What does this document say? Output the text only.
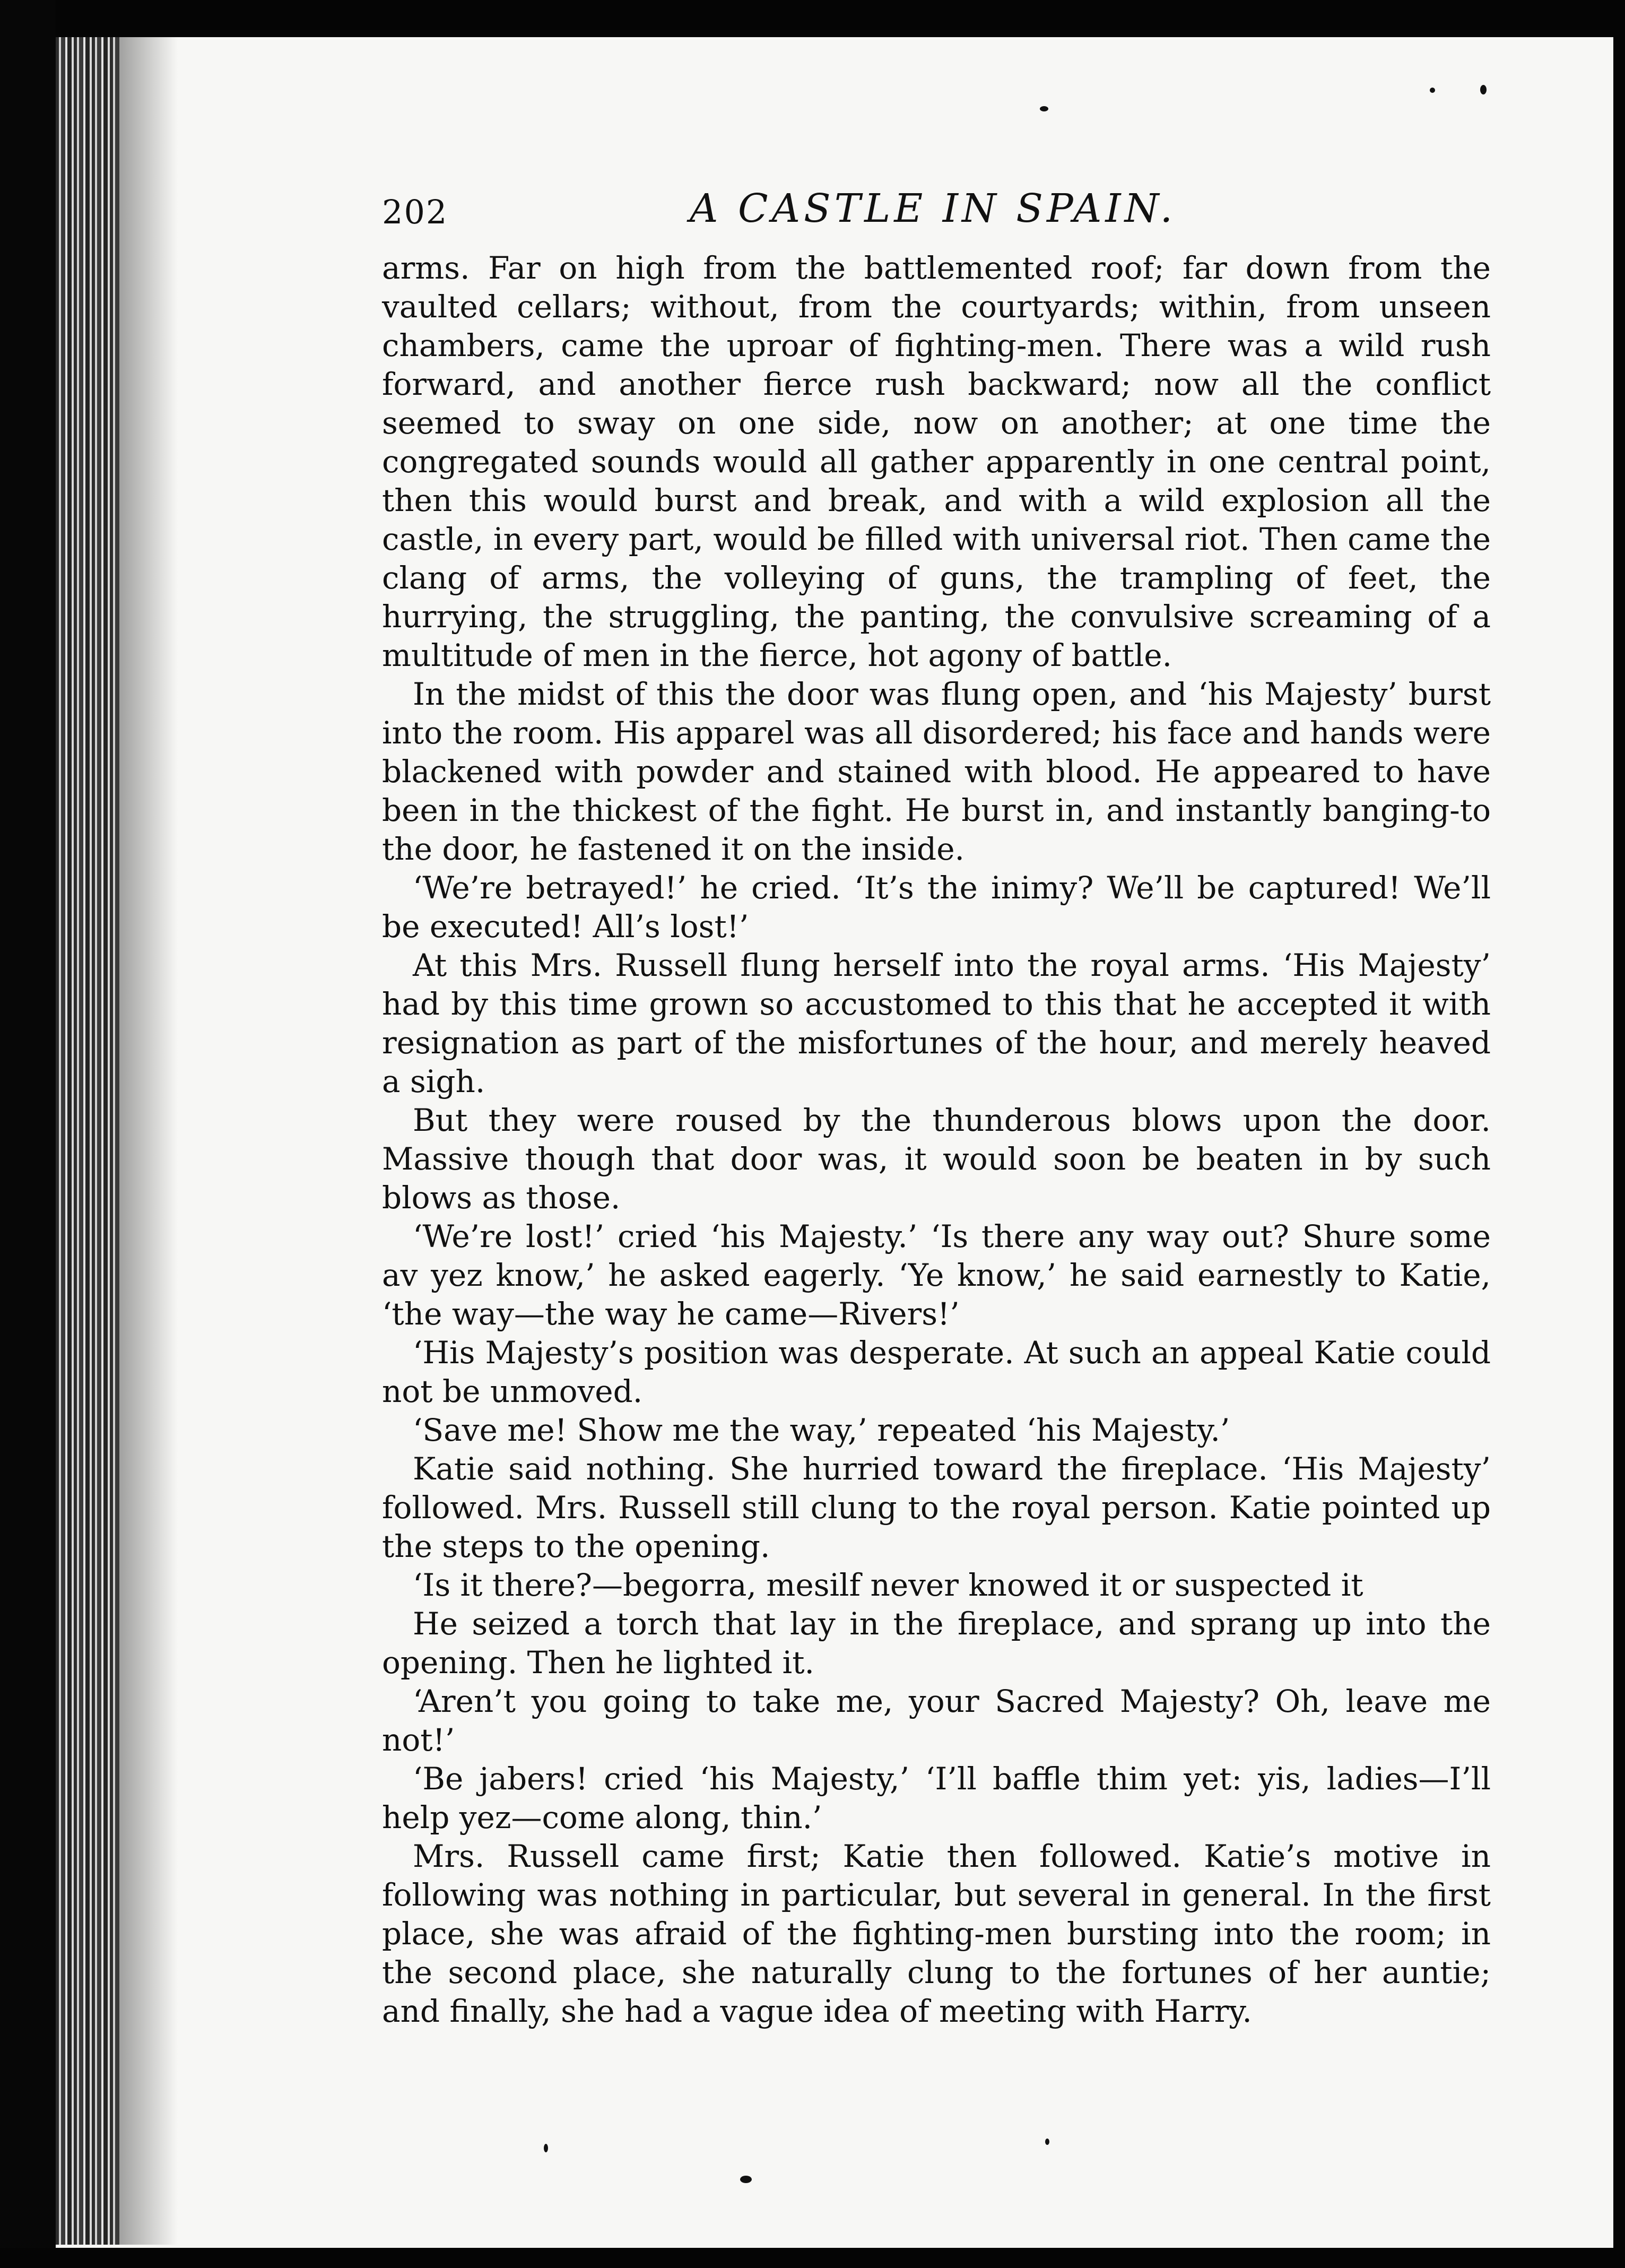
202	A CASTLE IN SPAIN.

arms. Far on high from the battlemented roof; far down from the vaulted cellars; without, from the courtyards; within, from unseen chambers, came the uproar of fighting-men. There was a wild rush forward, and another fierce rush backward; now all the conflict seemed to sway on one side, now on another; at one time the congregated sounds would all gather apparently in one central point, then this would burst and break, and with a wild explosion all the castle, in every part, would be filled with universal riot. Then came the clang of arms, the volleying of guns, the trampling of feet, the hurrying, the struggling, the panting, the convulsive screaming of a multitude of men in the fierce, hot agony of battle.

In the midst of this the door was flung open, and ‘his Majesty’ burst into the room. His apparel was all disordered; his face and hands were blackened with powder and stained with blood. He appeared to have been in the thickest of the fight. He burst in, and instantly banging-to the door, he fastened it on the inside.

‘We’re betrayed!’ he cried. ‘It’s the inimy? We’ll be captured! We’ll be executed! All’s lost!’

At this Mrs. Russell flung herself into the royal arms. ‘His Majesty’ had by this time grown so accustomed to this that he accepted it with resignation as part of the misfortunes of the hour, and merely heaved a sigh.

But they were roused by the thunderous blows upon the door. Massive though that door was, it would soon be beaten in by such blows as those.

‘We’re lost!’ cried ‘his Majesty.’ ‘Is there any way out? Shure some av yez know,’ he asked eagerly. ‘Ye know,’ he said earnestly to Katie, ‘the way—the way he came—Rivers!’

‘His Majesty’s position was desperate. At such an appeal Katie could not be unmoved.

‘Save me! Show me the way,’ repeated ‘his Majesty.’

Katie said nothing. She hurried toward the fireplace. ‘His Majesty’ followed. Mrs. Russell still clung to the royal person. Katie pointed up the steps to the opening.

‘Is it there?—begorra, mesilf never knowed it or suspected it

He seized a torch that lay in the fireplace, and sprang up into the opening. Then he lighted it.

‘Aren’t you going to take me, your Sacred Majesty? Oh, leave me not!’

‘Be jabers! cried ‘his Majesty,’ ‘I’ll baffle thim yet: yis, ladies—I’ll help yez—come along, thin.’

Mrs. Russell came first; Katie then followed. Katie’s motive in following was nothing in particular, but several in general. In the first place, she was afraid of the fighting-men bursting into the room; in the second place, she naturally clung to the fortunes of her auntie; and finally, she had a vague idea of meeting with Harry.
